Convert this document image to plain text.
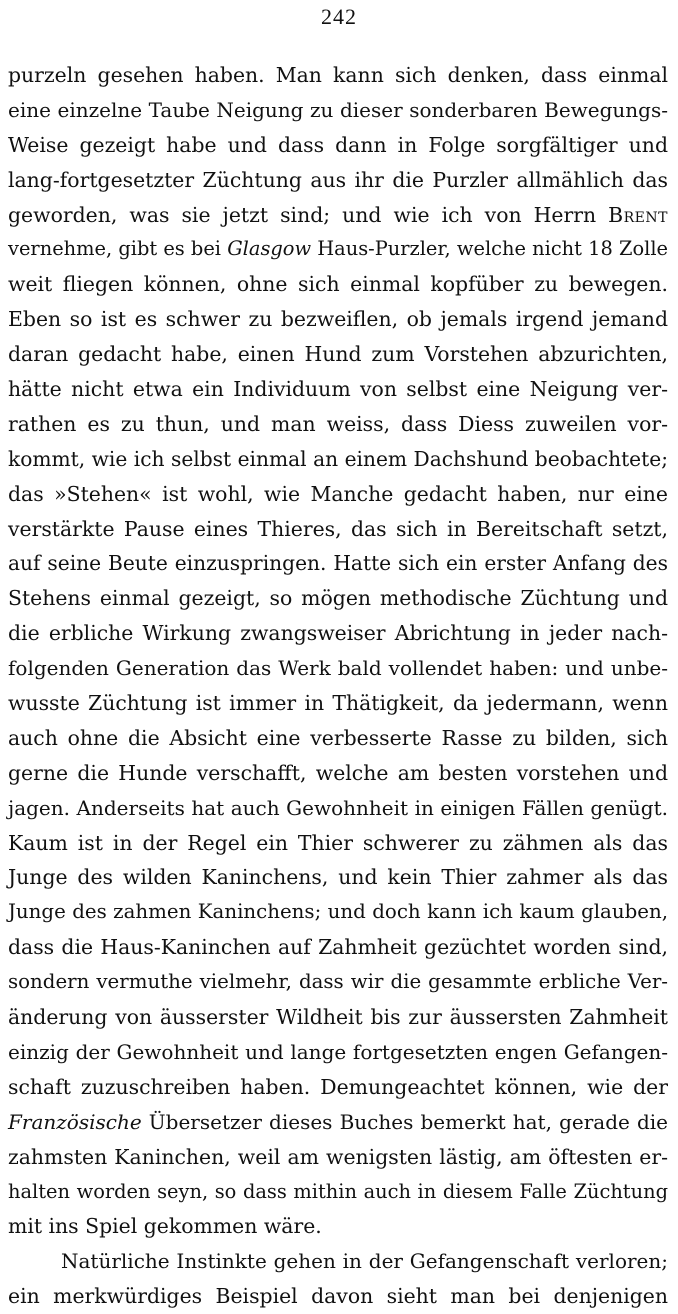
242
purzeln gesehen haben. Man kann sich denken, dass einmal
eine einzelne Taube Neigung zu dieser sonderbaren Bewegungs-
Weise gezeigt habe und dass dann in Folge sorgfältiger und
lang-fortgesetzter Züchtung aus ihr die Purzler allmählich das
geworden, was sie jetzt sind; und wie ich von Herrn Brent
vernehme, gibt es bei Glasgow Haus-Purzler, welche nicht 18 Zolle
weit fliegen können, ohne sich einmal kopfüber zu bewegen.
Eben so ist es schwer zu bezweiflen, ob jemals irgend jemand
daran gedacht habe, einen Hund zum Vorstehen abzurichten,
hätte nicht etwa ein Individuum von selbst eine Neigung ver-
rathen es zu thun, und man weiss, dass Diess zuweilen vor-
kommt, wie ich selbst einmal an einem Dachshund beobachtete;
das »Stehen« ist wohl, wie Manche gedacht haben, nur eine
verstärkte Pause eines Thieres, das sich in Bereitschaft setzt,
auf seine Beute einzuspringen. Hatte sich ein erster Anfang des
Stehens einmal gezeigt, so mögen methodische Züchtung und
die erbliche Wirkung zwangsweiser Abrichtung in jeder nach-
folgenden Generation das Werk bald vollendet haben: und unbe-
wusste Züchtung ist immer in Thätigkeit, da jedermann, wenn
auch ohne die Absicht eine verbesserte Rasse zu bilden, sich
gerne die Hunde verschafft, welche am besten vorstehen und
jagen. Anderseits hat auch Gewohnheit in einigen Fällen genügt.
Kaum ist in der Regel ein Thier schwerer zu zähmen als das
Junge des wilden Kaninchens, und kein Thier zahmer als das
Junge des zahmen Kaninchens; und doch kann ich kaum glauben,
dass die Haus-Kaninchen auf Zahmheit gezüchtet worden sind,
sondern vermuthe vielmehr, dass wir die gesammte erbliche Ver-
änderung von äusserster Wildheit bis zur äussersten Zahmheit
einzig der Gewohnheit und lange fortgesetzten engen Gefangen-
schaft zuzuschreiben haben. Demungeachtet können, wie der
Französische Übersetzer dieses Buches bemerkt hat, gerade die
zahmsten Kaninchen, weil am wenigsten lästig, am öftesten er-
halten worden seyn, so dass mithin auch in diesem Falle Züchtung
mit ins Spiel gekommen wäre.
Natürliche Instinkte gehen in der Gefangenschaft verloren;
ein merkwürdiges Beispiel davon sieht man bei denjenigen
